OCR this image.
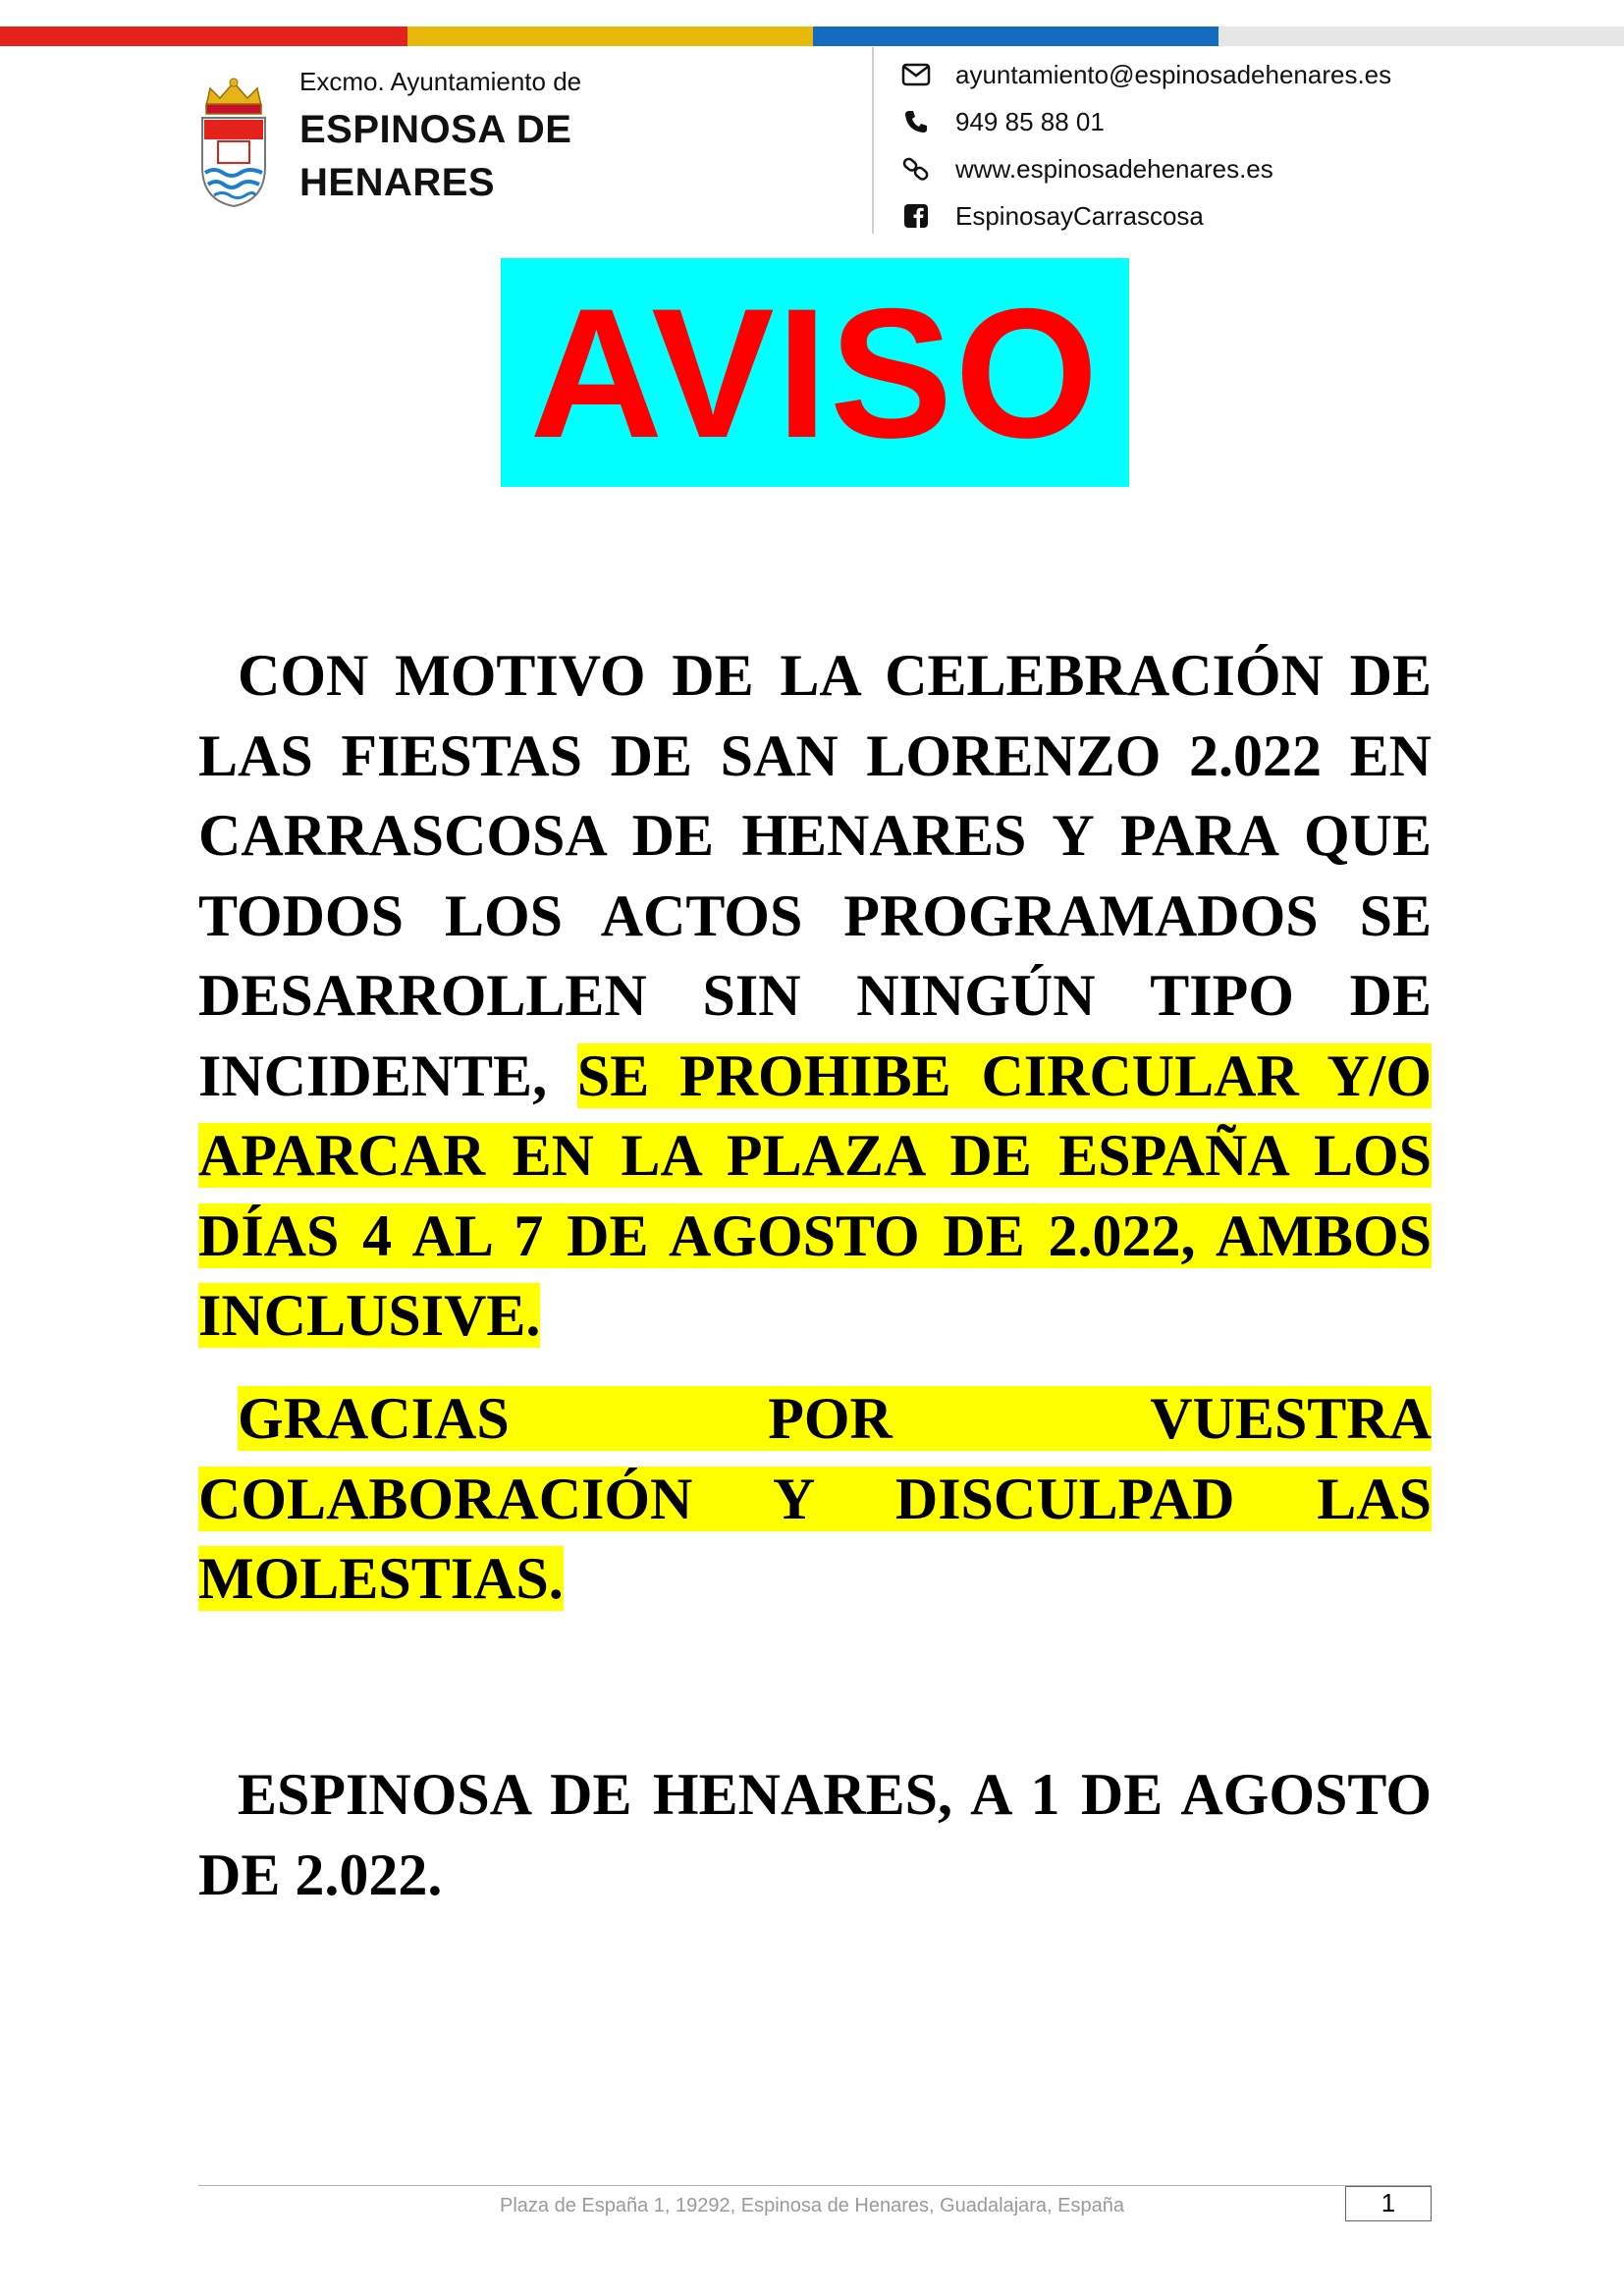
Excmo. Ayuntamiento de
ESPINOSA DE
HENARES
ayuntamiento@espinosadehenares.es
949 85 88 01
www.espinosadehenares.es
EspinosayCarrascosa
AVISO
CON MOTIVO DE LA CELEBRACIÓN DE LAS FIESTAS DE SAN LORENZO 2.022 EN CARRASCOSA DE HENARES Y PARA QUE TODOS LOS ACTOS PROGRAMADOS SE DESARROLLEN SIN NINGÚN TIPO DE INCIDENTE, SE PROHIBE CIRCULAR Y/O APARCAR EN LA PLAZA DE ESPAÑA LOS DÍAS 4 AL 7 DE AGOSTO DE 2.022, AMBOS INCLUSIVE.
GRACIAS POR VUESTRA COLABORACIÓN Y DISCULPAD LAS MOLESTIAS.
ESPINOSA DE HENARES, A 1 DE AGOSTO DE 2.022.
Plaza de España 1, 19292, Espinosa de Henares, Guadalajara, España	1
